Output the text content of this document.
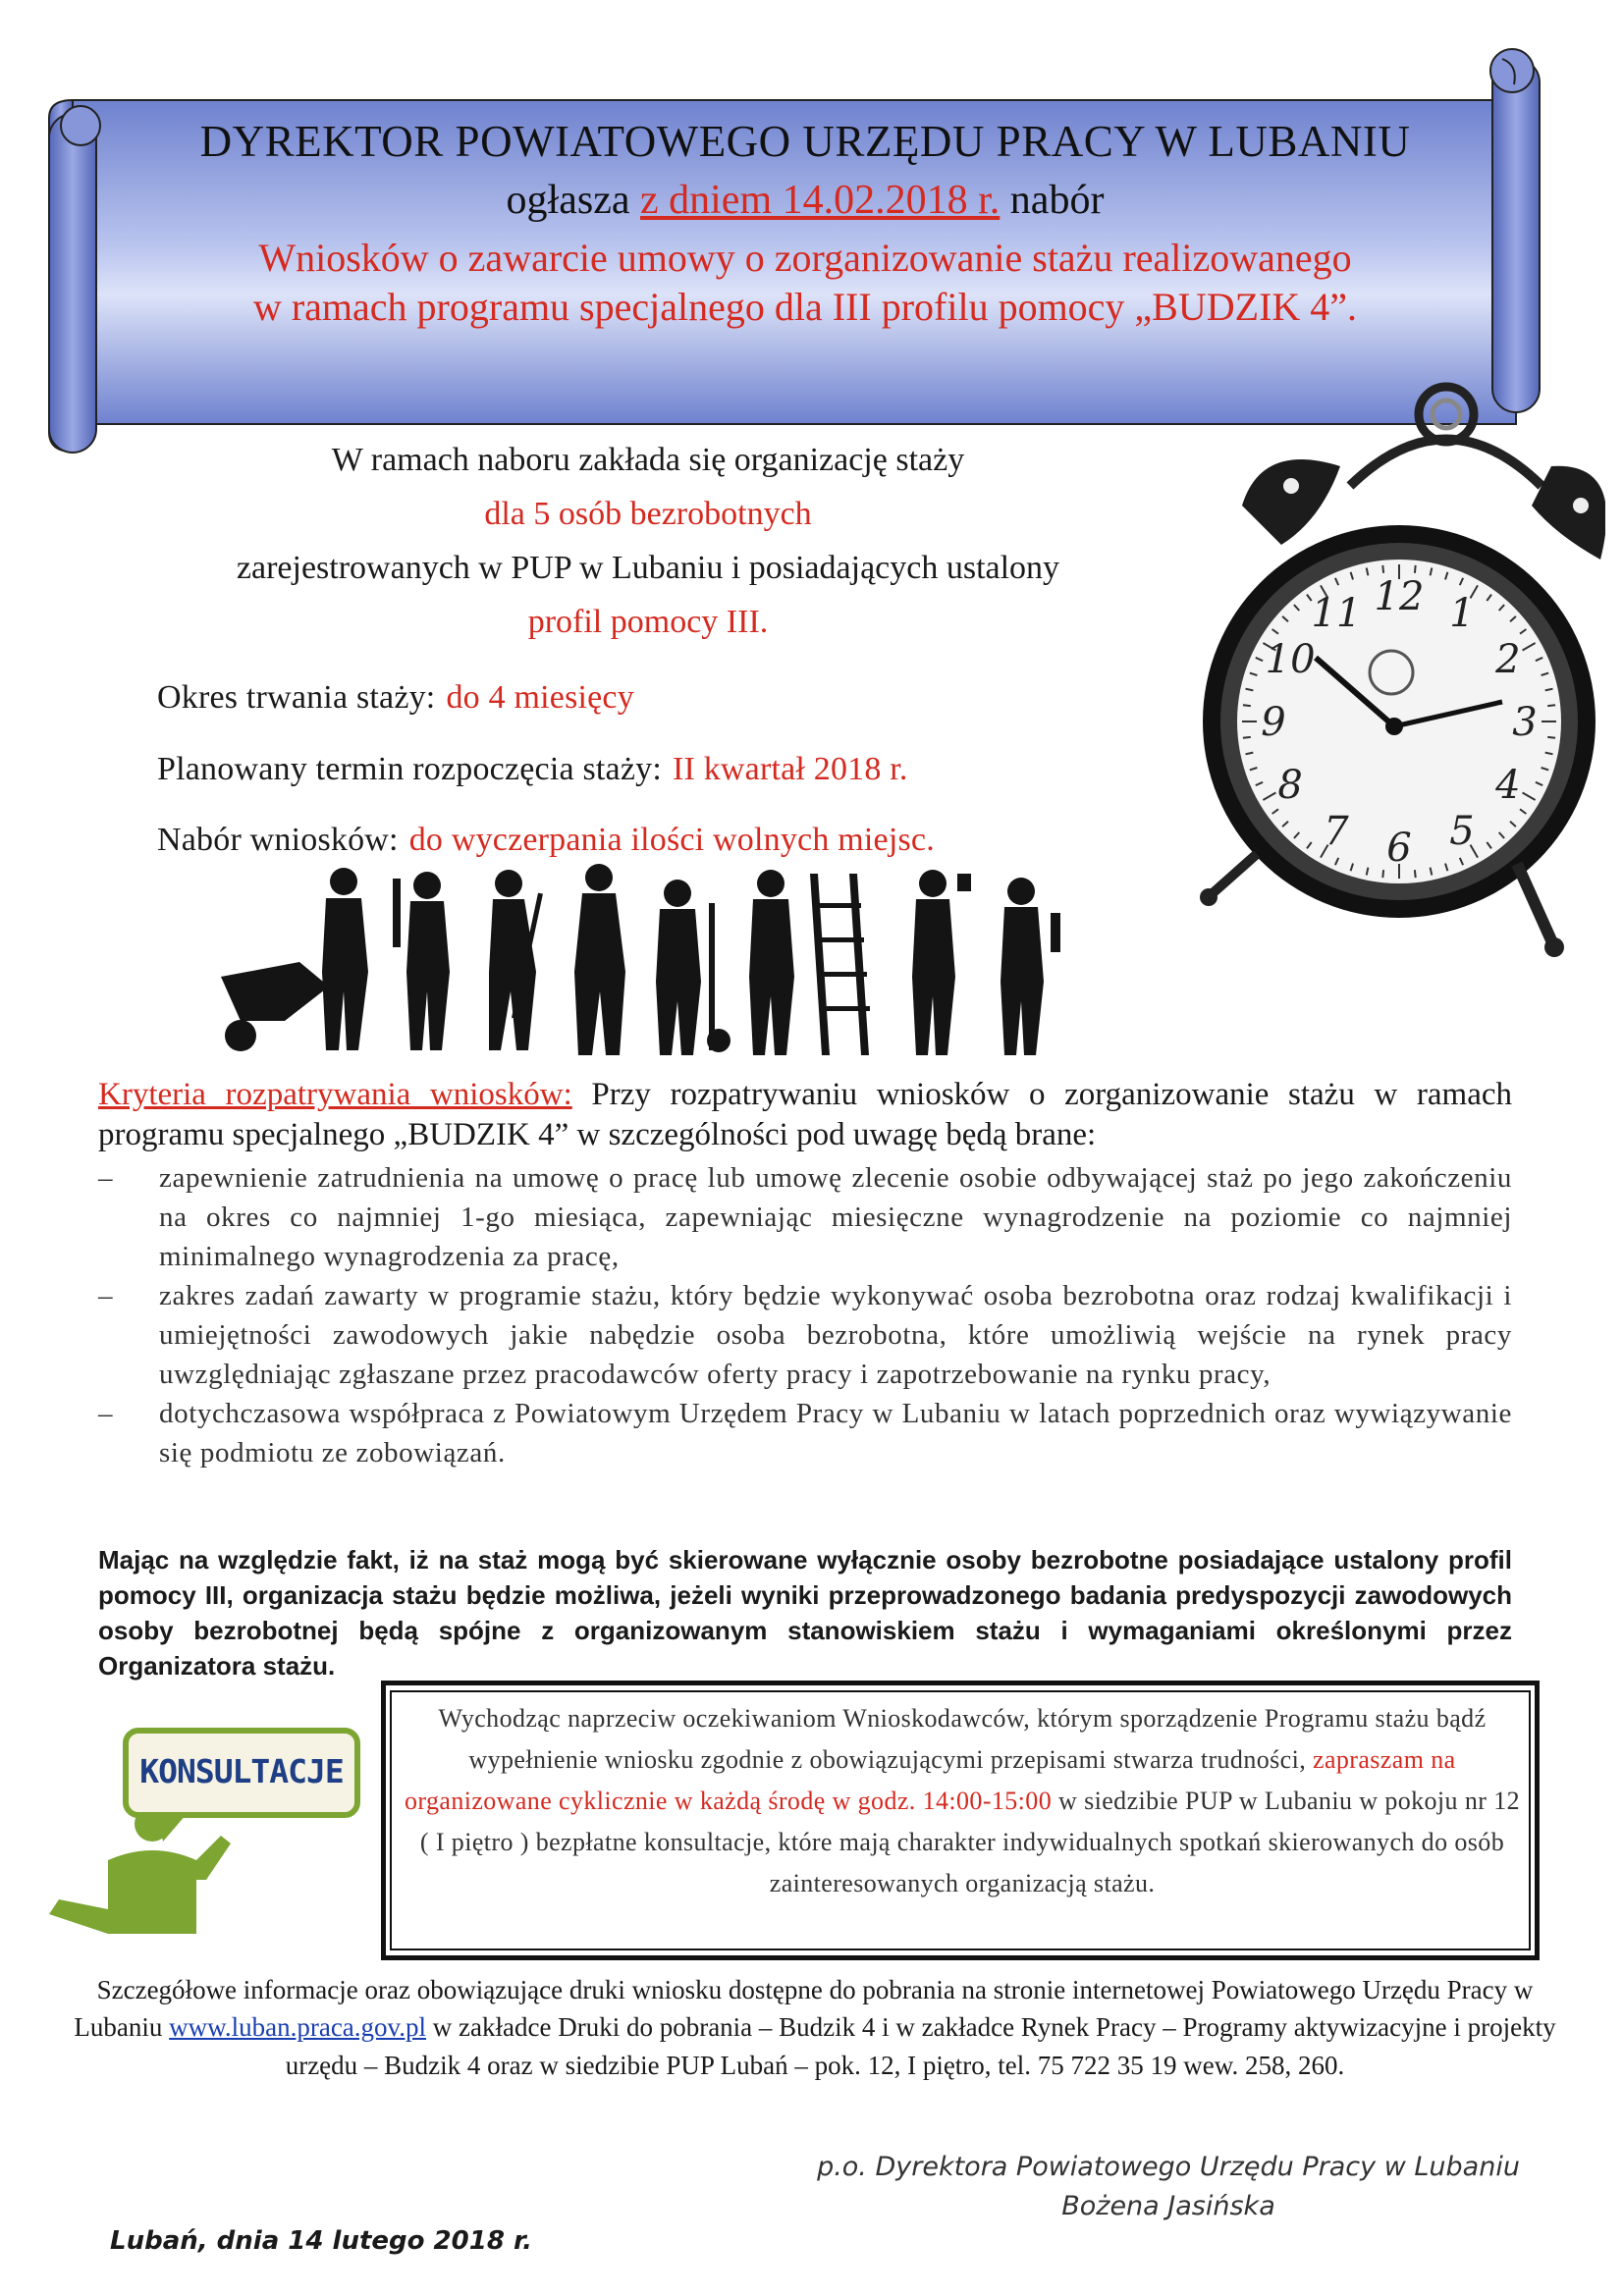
DYREKTOR POWIATOWEGO URZĘDU PRACY W LUBANIU
ogłasza z dniem 14.02.2018 r. nabór
Wniosków o zawarcie umowy o zorganizowanie stażu realizowanego
w ramach programu specjalnego dla III profilu pomocy „BUDZIK 4”.
W ramach naboru zakłada się organizację staży
dla 5 osób bezrobotnych
zarejestrowanych w PUP w Lubaniu i posiadających ustalony
profil pomocy III.
Okres trwania staży: do 4 miesięcy
Planowany termin rozpoczęcia staży: II kwartał 2018 r.
Nabór wniosków: do wyczerpania ilości wolnych miejsc.
12 1
2
3
4
5
6
7
8
9
10
11
Kryteria rozpatrywania wniosków: Przy rozpatrywaniu wniosków o zorganizowanie stażu w ramach programu specjalnego „BUDZIK 4” w szczególności pod uwagę będą brane:
– zapewnienie zatrudnienia na umowę o pracę lub umowę zlecenie osobie odbywającej staż po jego zakończeniu na okres co najmniej 1-go miesiąca, zapewniając miesięczne wynagrodzenie na poziomie co najmniej minimalnego wynagrodzenia za pracę,
– zakres zadań zawarty w programie stażu, który będzie wykonywać osoba bezrobotna oraz rodzaj kwalifikacji i umiejętności zawodowych jakie nabędzie osoba bezrobotna, które umożliwią wejście na rynek pracy uwzględniając zgłaszane przez pracodawców oferty pracy i zapotrzebowanie na rynku pracy,
– dotychczasowa współpraca z Powiatowym Urzędem Pracy w Lubaniu w latach poprzednich oraz wywiązywanie się podmiotu ze zobowiązań.
Mając na względzie fakt, iż na staż mogą być skierowane wyłącznie osoby bezrobotne posiadające ustalony profil pomocy III, organizacja stażu będzie możliwa, jeżeli wyniki przeprowadzonego badania predyspozycji zawodowych osoby bezrobotnej będą spójne z organizowanym stanowiskiem stażu i wymaganiami określonymi przez Organizatora stażu.
KONSULTACJE
Wychodząc naprzeciw oczekiwaniom Wnioskodawców, którym sporządzenie Programu stażu bądź wypełnienie wniosku zgodnie z obowiązującymi przepisami stwarza trudności, zapraszam na organizowane cyklicznie w każdą środę w godz. 14:00-15:00 w siedzibie PUP w Lubaniu w pokoju nr 12 ( I piętro ) bezpłatne konsultacje, które mają charakter indywidualnych spotkań skierowanych do osób zainteresowanych organizacją stażu.
Szczegółowe informacje oraz obowiązujące druki wniosku dostępne do pobrania na stronie internetowej Powiatowego Urzędu Pracy w Lubaniu www.luban.praca.gov.pl w zakładce Druki do pobrania – Budzik 4 i w zakładce Rynek Pracy – Programy aktywizacyjne i projekty urzędu – Budzik 4 oraz w siedzibie PUP Lubań – pok. 12, I piętro, tel. 75 722 35 19 wew. 258, 260.
p.o. Dyrektora Powiatowego Urzędu Pracy w Lubaniu
Bożena Jasińska
Lubań, dnia 14 lutego 2018 r.
